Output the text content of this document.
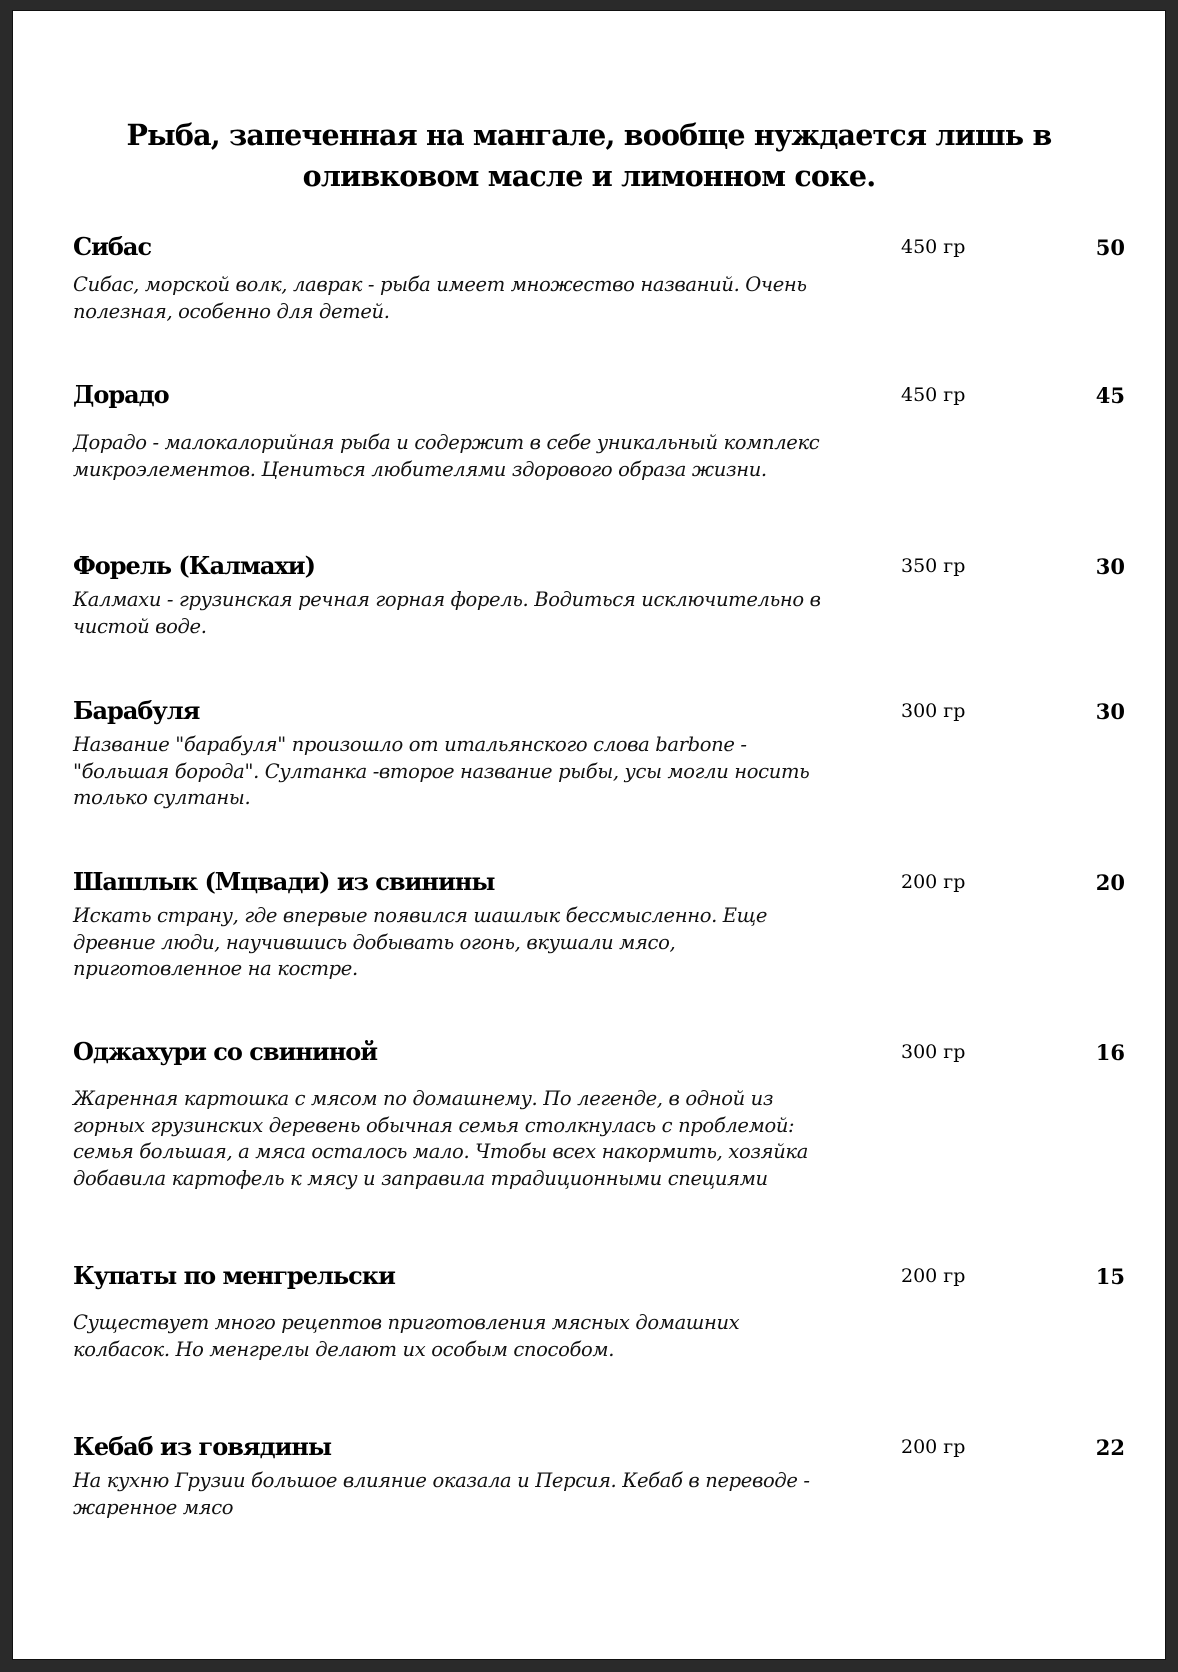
Рыба, запеченная на мангале, вообще нуждается лишь в
оливковом масле и лимонном соке.
Сибас	450 гр	50

Сибас, морской волк, лаврак - рыба имеет множество названий. Очень
полезная, особенно для детей.

Дорадо	450 гр	45

Дорадо - малокалорийная рыба и содержит в себе уникальный комплекс
микроэлементов. Цениться любителями здорового образа жизни.

Форель (Калмахи)	350 гр	30

Калмахи - грузинская речная горная форель. Водиться исключительно в
чистой воде.

Барабуля	300 гр	30

Название "барабуля" произошло от итальянского слова barbone -
"большая борода". Султанка -второе название рыбы, усы могли носить
только султаны.

Шашлык (Мцвади) из свинины	200 гр	20

Искать страну, где впервые появился шашлык бессмысленно. Еще
древние люди, научившись добывать огонь, вкушали мясо,
приготовленное на костре.

Оджахури со свининой	300 гр	16

Жаренная картошка с мясом по домашнему. По легенде, в одной из
горных грузинских деревень обычная семья столкнулась с проблемой:
семья большая, а мяса осталось мало. Чтобы всех накормить, хозяйка
добавила картофель к мясу и заправила традиционными специями

Купаты по менгрельски	200 гр	15

Существует много рецептов приготовления мясных домашних
колбасок. Но менгрелы делают их особым способом.

Кебаб из говядины	200 гр	22

На кухню Грузии большое влияние оказала и Персия. Кебаб в переводе -
жаренное мясо
